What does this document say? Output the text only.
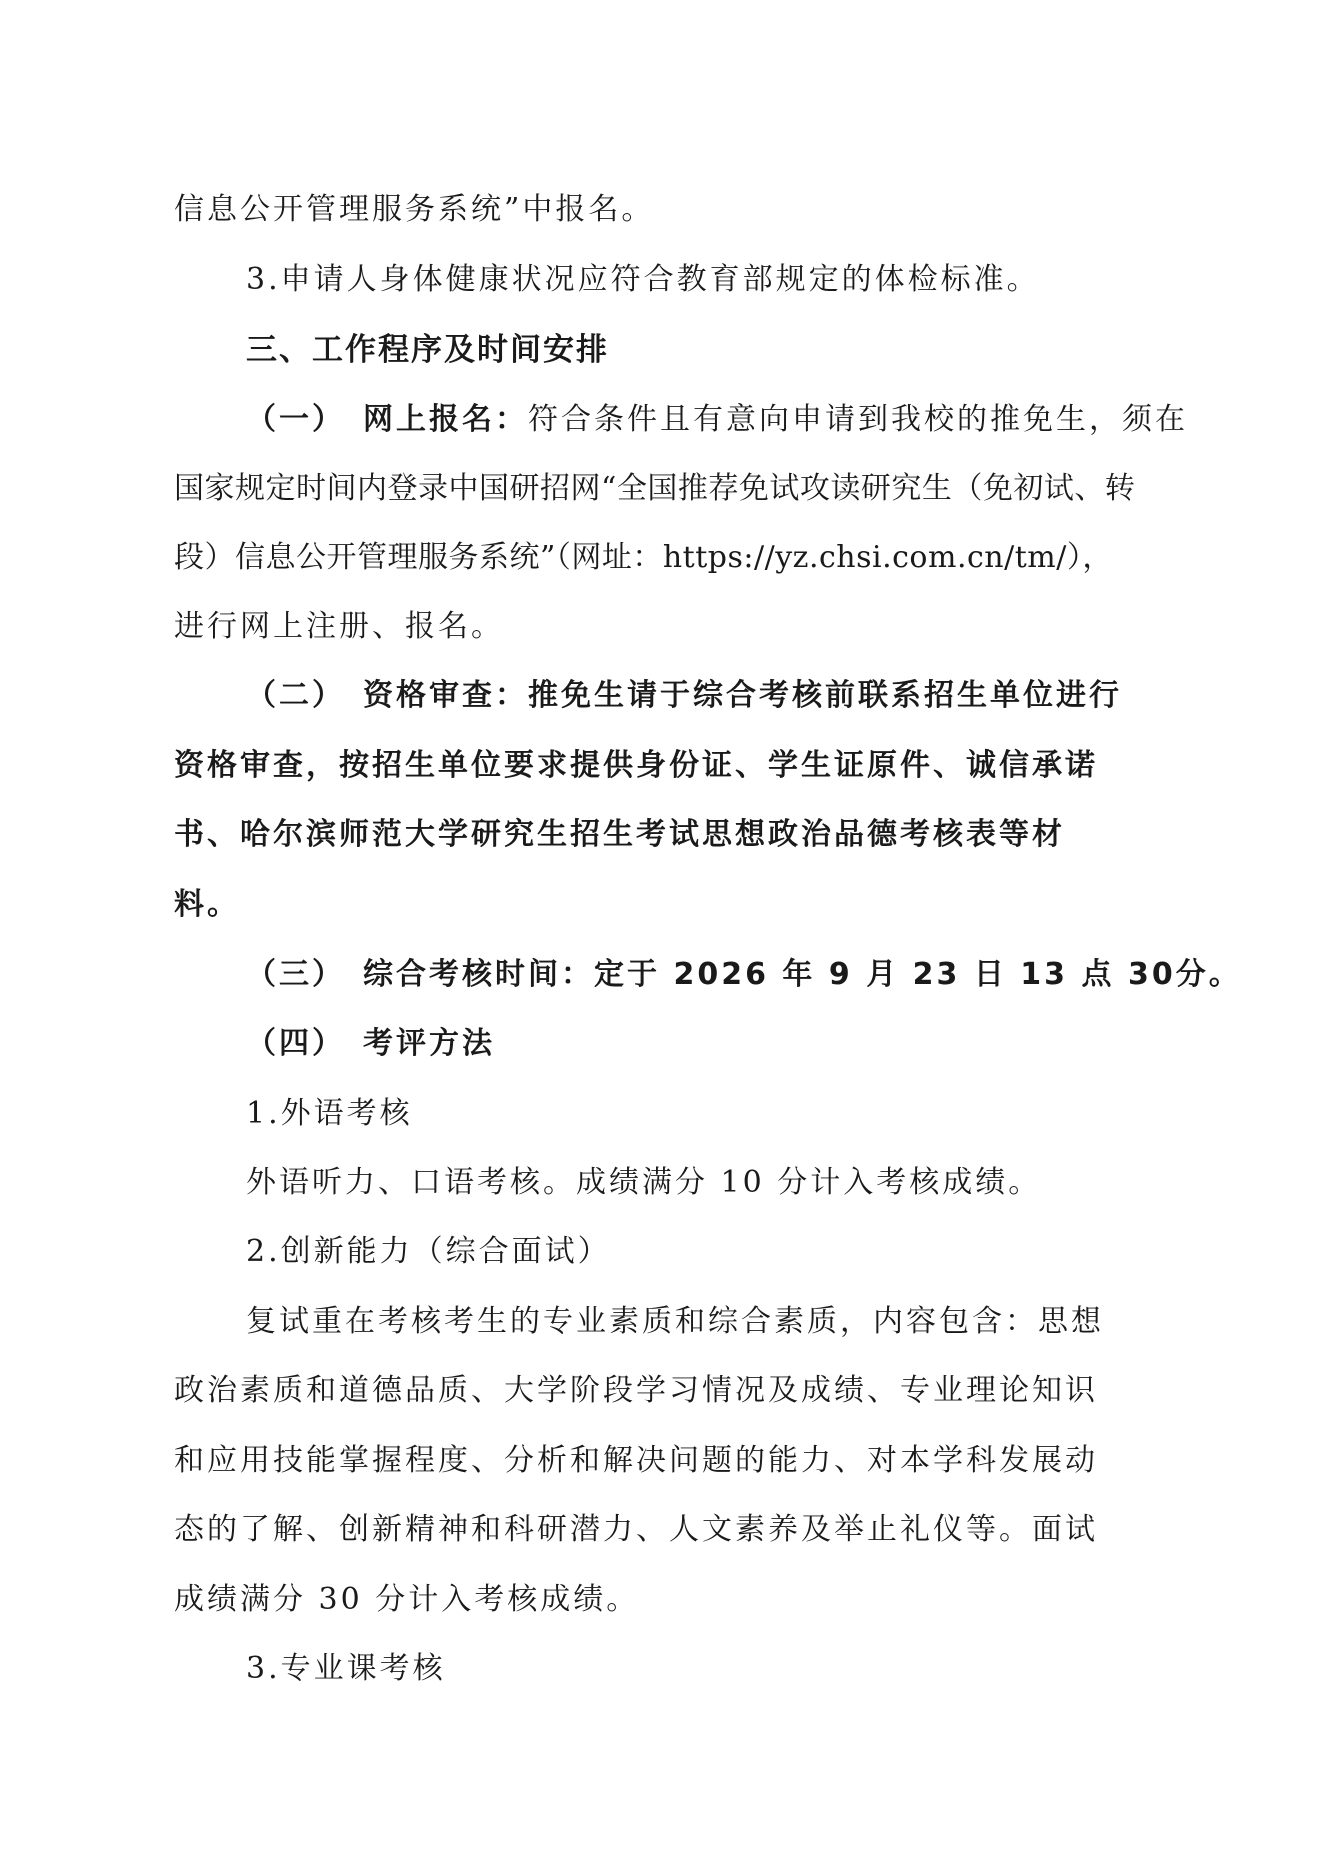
信息公开管理服务系统”中报名。
3.申请人身体健康状况应符合教育部规定的体检标准。
三、工作程序及时间安排
（一）　网上报名：符合条件且有意向申请到我校的推免生，须在
国家规定时间内登录中国研招网“全国推荐免试攻读研究生（免初试、转
段）信息公开管理服务系统”（网址：https://yz.chsi.com.cn/tm/），
进行网上注册、报名。
（二）　资格审查：推免生请于综合考核前联系招生单位进行
资格审查，按招生单位要求提供身份证、学生证原件、诚信承诺
书、哈尔滨师范大学研究生招生考试思想政治品德考核表等材
料。
（三）　综合考核时间：定于 2026 年 9 月 23 日 13 点 30分。
（四）　考评方法
1.外语考核
外语听力、口语考核。成绩满分 10 分计入考核成绩。
2.创新能力（综合面试）
复试重在考核考生的专业素质和综合素质，内容包含：思想
政治素质和道德品质、大学阶段学习情况及成绩、专业理论知识
和应用技能掌握程度、分析和解决问题的能力、对本学科发展动
态的了解、创新精神和科研潜力、人文素养及举止礼仪等。面试
成绩满分 30 分计入考核成绩。
3.专业课考核
